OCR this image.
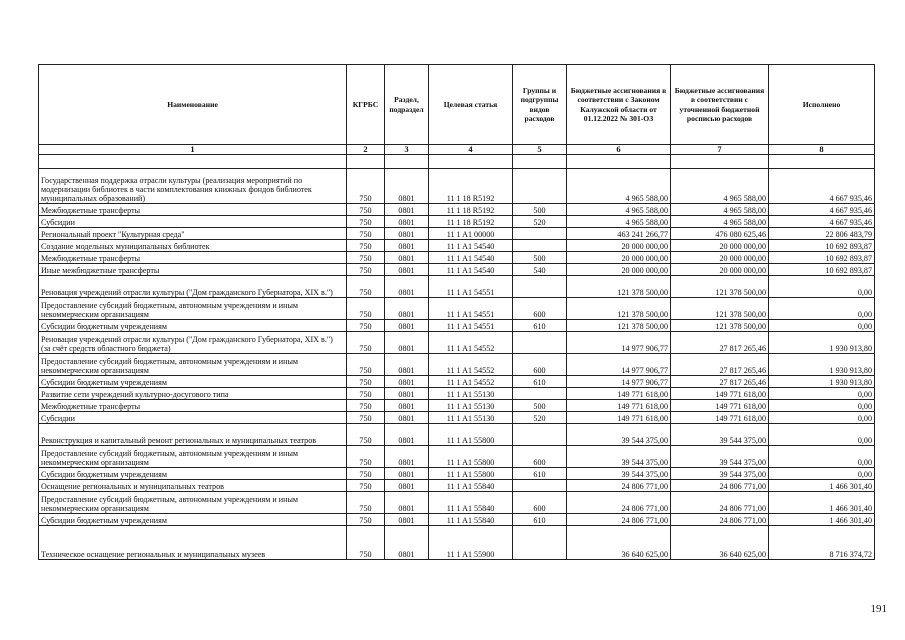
Наименование	КГРБС	Раздел, подраздел	Целевая статья	Группы и подгруппы видов расходов	Бюджетные ассигнования в соответствии с Законом Калужской области от 01.12.2022 № 301-ОЗ	Бюджетные ассигнования в соответствии с уточненной бюджетной росписью расходов	Исполнено
1	2	3	4	5	6	7	8

Государственная поддержка отрасли культуры (реализация мероприятий по модернизации библиотек в части комплектования книжных фондов библиотек муниципальных образований)	750	0801	11 1 18 R5192		4 965 588,00	4 965 588,00	4 667 935,46
Межбюджетные трансферты	750	0801	11 1 18 R5192	500	4 965 588,00	4 965 588,00	4 667 935,46
Субсидии	750	0801	11 1 18 R5192	520	4 965 588,00	4 965 588,00	4 667 935,46
Региональный проект "Культурная среда"	750	0801	11 1 A1 00000		463 241 266,77	476 080 625,46	22 806 483,79
Создание модельных муниципальных библиотек	750	0801	11 1 A1 54540		20 000 000,00	20 000 000,00	10 692 893,87
Межбюджетные трансферты	750	0801	11 1 A1 54540	500	20 000 000,00	20 000 000,00	10 692 893,87
Иные межбюджетные трансферты	750	0801	11 1 A1 54540	540	20 000 000,00	20 000 000,00	10 692 893,87
Реновация учреждений отрасли культуры ("Дом гражданского Губернатора, XIX в.")	750	0801	11 1 A1 54551		121 378 500,00	121 378 500,00	0,00
Предоставление субсидий бюджетным, автономным учреждениям и иным некоммерческим организациям	750	0801	11 1 A1 54551	600	121 378 500,00	121 378 500,00	0,00
Субсидии бюджетным учреждениям	750	0801	11 1 A1 54551	610	121 378 500,00	121 378 500,00	0,00
Реновация учреждений отрасли культуры ("Дом гражданского Губернатора, XIX в.") (за счёт средств областного бюджета)	750	0801	11 1 A1 54552		14 977 906,77	27 817 265,46	1 930 913,80
Предоставление субсидий бюджетным, автономным учреждениям и иным некоммерческим организациям	750	0801	11 1 A1 54552	600	14 977 906,77	27 817 265,46	1 930 913,80
Субсидии бюджетным учреждениям	750	0801	11 1 A1 54552	610	14 977 906,77	27 817 265,46	1 930 913,80
Развитие сети учреждений культурно-досугового типа	750	0801	11 1 A1 55130		149 771 618,00	149 771 618,00	0,00
Межбюджетные трансферты	750	0801	11 1 A1 55130	500	149 771 618,00	149 771 618,00	0,00
Субсидии	750	0801	11 1 A1 55130	520	149 771 618,00	149 771 618,00	0,00
Реконструкция и капитальный ремонт региональных и муниципальных театров	750	0801	11 1 A1 55800		39 544 375,00	39 544 375,00	0,00
Предоставление субсидий бюджетным, автономным учреждениям и иным некоммерческим организациям	750	0801	11 1 A1 55800	600	39 544 375,00	39 544 375,00	0,00
Субсидии бюджетным учреждениям	750	0801	11 1 A1 55800	610	39 544 375,00	39 544 375,00	0,00
Оснащение региональных и муниципальных театров	750	0801	11 1 A1 55840		24 806 771,00	24 806 771,00	1 466 301,40
Предоставление субсидий бюджетным, автономным учреждениям и иным некоммерческим организациям	750	0801	11 1 A1 55840	600	24 806 771,00	24 806 771,00	1 466 301,40
Субсидии бюджетным учреждениям	750	0801	11 1 A1 55840	610	24 806 771,00	24 806 771,00	1 466 301,40
Техническое оснащение региональных и муниципальных музеев	750	0801	11 1 A1 55900		36 640 625,00	36 640 625,00	8 716 374,72
191
